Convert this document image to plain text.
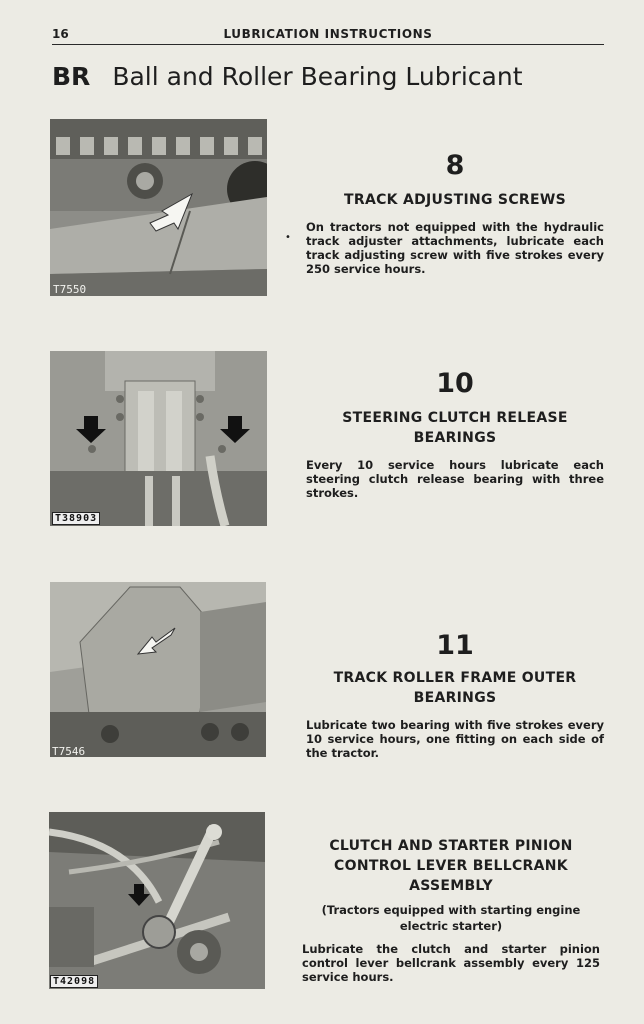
16	LUBRICATION INSTRUCTIONS
BR Ball and Roller Bearing Lubricant
T7550
8
TRACK ADJUSTING SCREWS
On tractors not equipped with the hydraulic track adjuster attachments, lubricate each track adjusting screw with five strokes every 250 service hours.
•
T38903
10
STEERING CLUTCH RELEASE BEARINGS
Every 10 service hours lubricate each steering clutch release bearing with three strokes.
T7546
11
TRACK ROLLER FRAME OUTER BEARINGS
Lubricate two bearing with five strokes every 10 service hours, one fitting on each side of the tractor.
T42098
CLUTCH AND STARTER PINION CONTROL LEVER BELLCRANK ASSEMBLY
(Tractors equipped with starting engine electric starter)
Lubricate the clutch and starter pinion control lever bellcrank assembly every 125 service hours.
